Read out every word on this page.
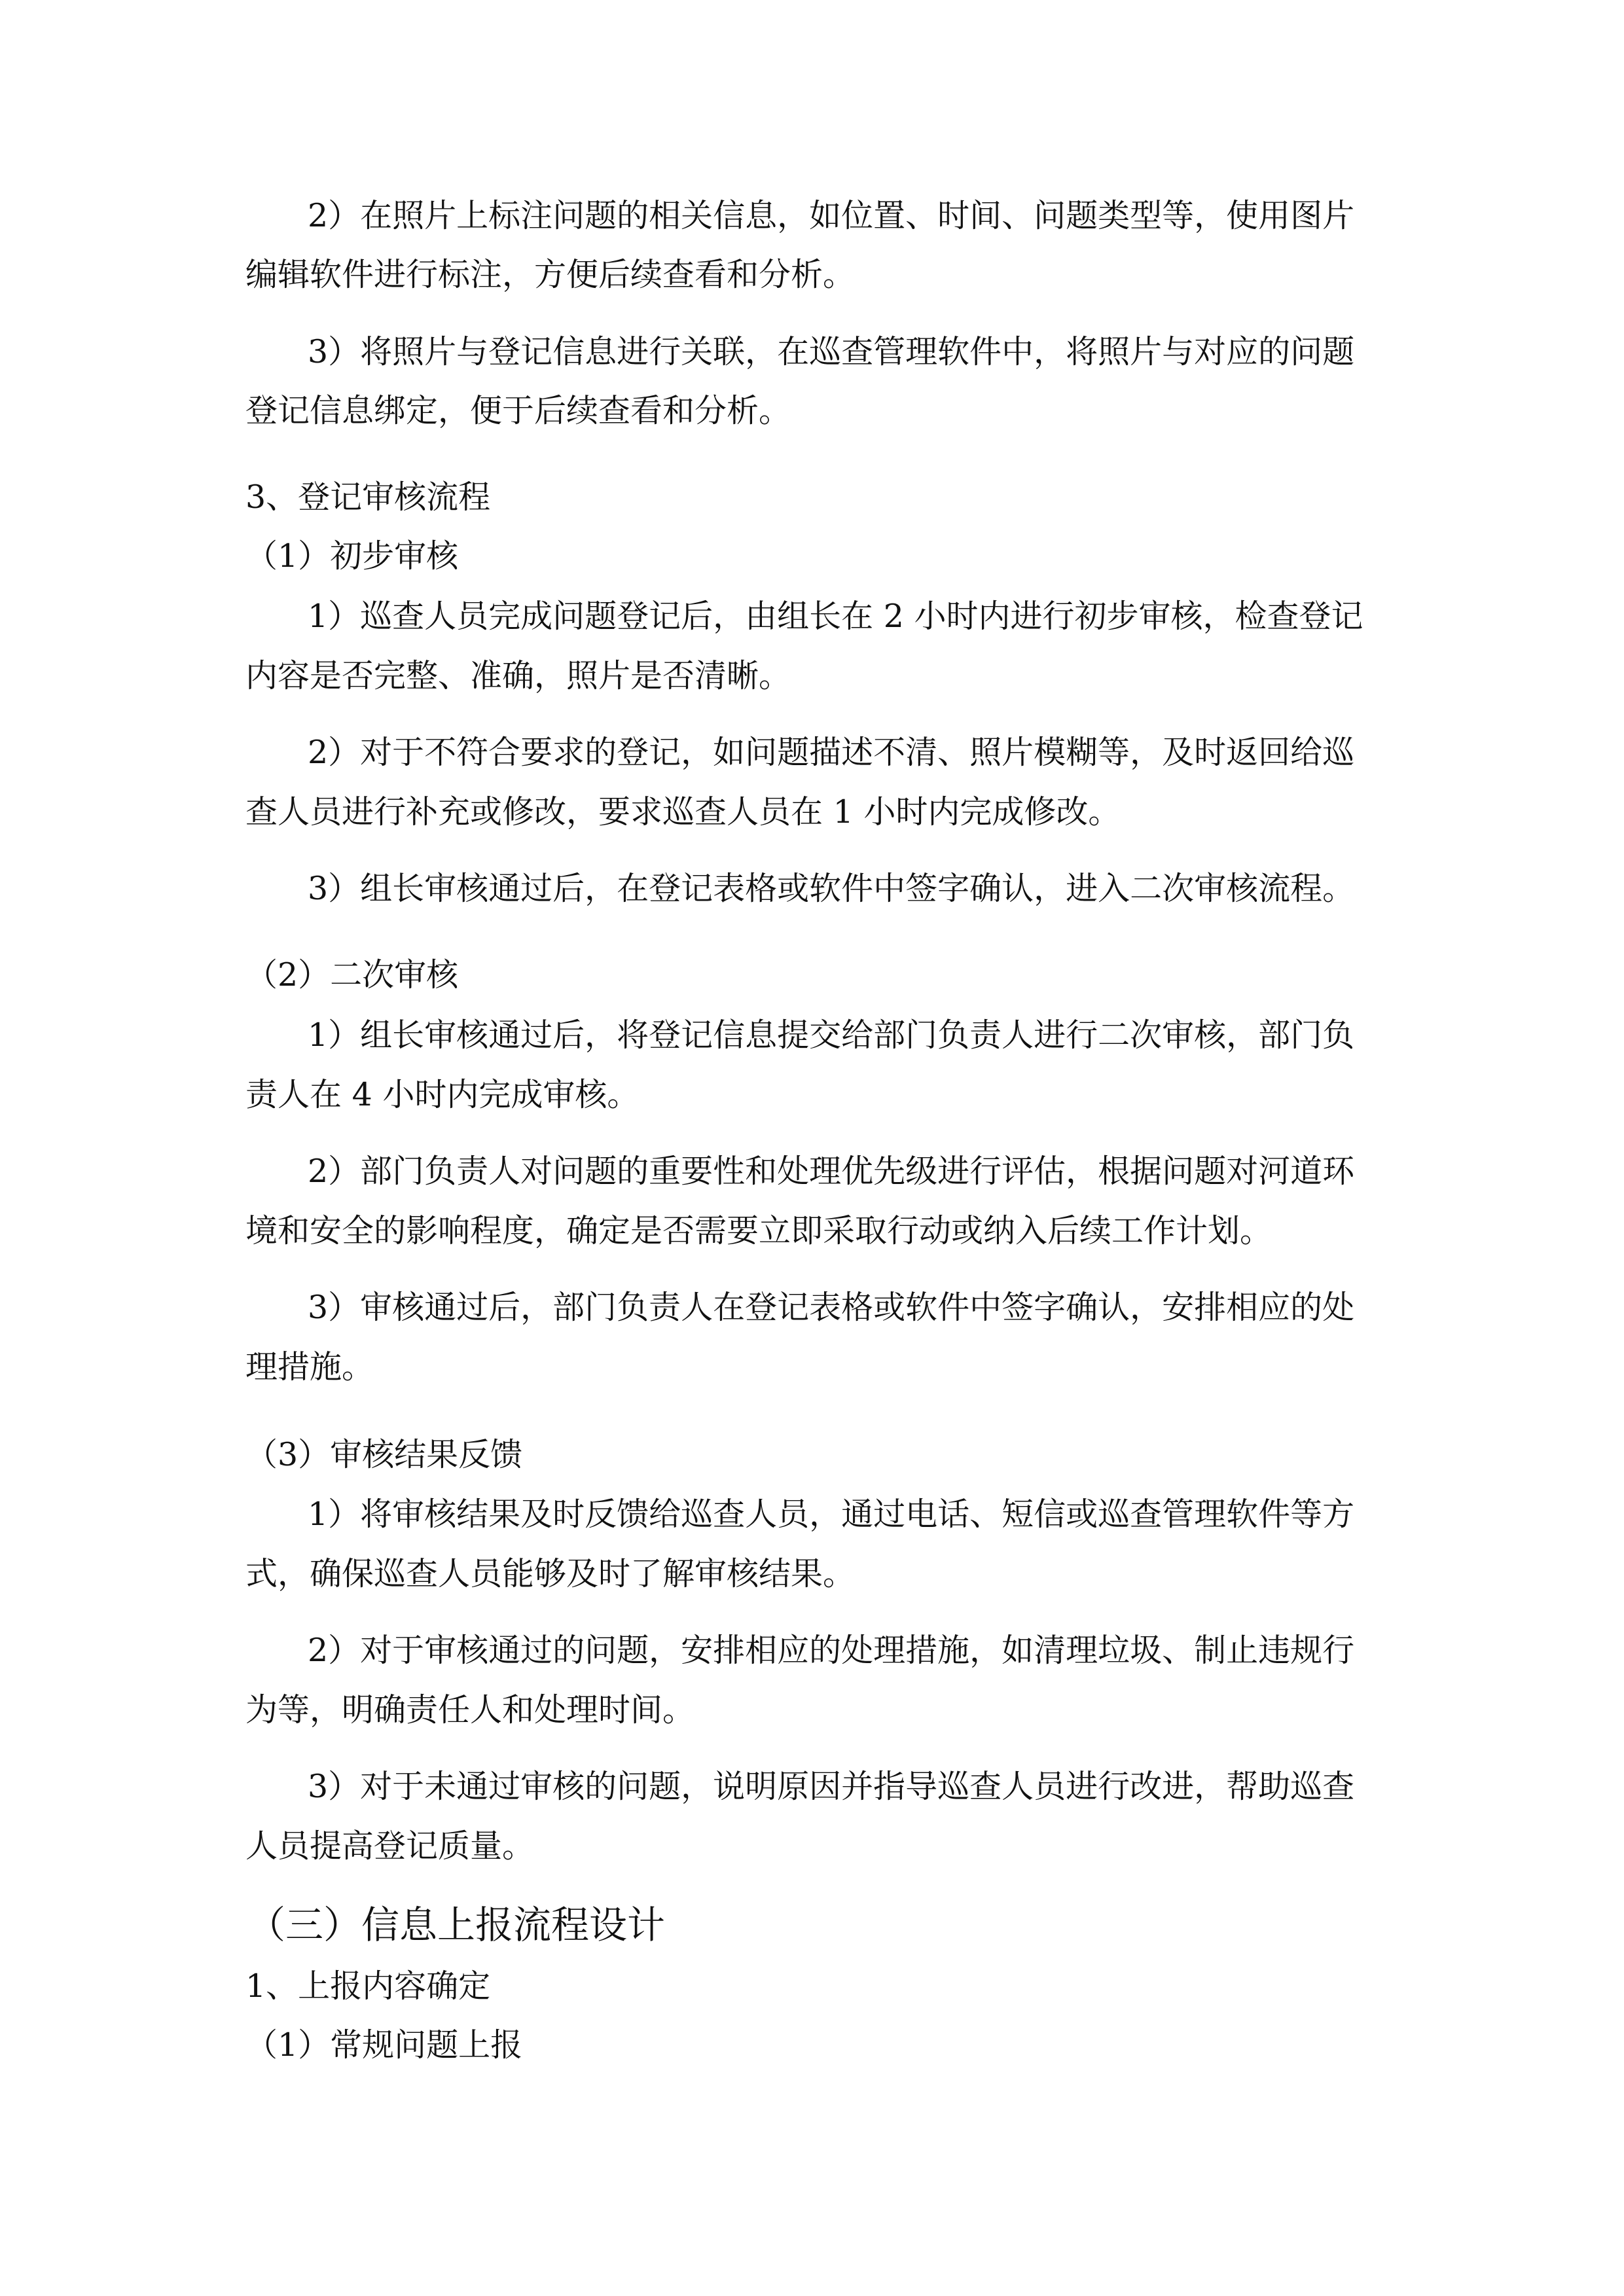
2）在照片上标注问题的相关信息，如位置、时间、问题类型等，使用图片

编辑软件进行标注，方便后续查看和分析。

3）将照片与登记信息进行关联，在巡查管理软件中，将照片与对应的问题

登记信息绑定，便于后续查看和分析。

3、登记审核流程

（1）初步审核

1）巡查人员完成问题登记后，由组长在 2 小时内进行初步审核，检查登记

内容是否完整、准确，照片是否清晰。

2）对于不符合要求的登记，如问题描述不清、照片模糊等，及时返回给巡

查人员进行补充或修改，要求巡查人员在 1 小时内完成修改。

3）组长审核通过后，在登记表格或软件中签字确认，进入二次审核流程。

（2）二次审核

1）组长审核通过后，将登记信息提交给部门负责人进行二次审核，部门负

责人在 4 小时内完成审核。

2）部门负责人对问题的重要性和处理优先级进行评估，根据问题对河道环

境和安全的影响程度，确定是否需要立即采取行动或纳入后续工作计划。

3）审核通过后，部门负责人在登记表格或软件中签字确认，安排相应的处

理措施。

（3）审核结果反馈

1）将审核结果及时反馈给巡查人员，通过电话、短信或巡查管理软件等方

式，确保巡查人员能够及时了解审核结果。

2）对于审核通过的问题，安排相应的处理措施，如清理垃圾、制止违规行

为等，明确责任人和处理时间。

3）对于未通过审核的问题，说明原因并指导巡查人员进行改进，帮助巡查

人员提高登记质量。

（三）信息上报流程设计

1、上报内容确定

（1）常规问题上报
